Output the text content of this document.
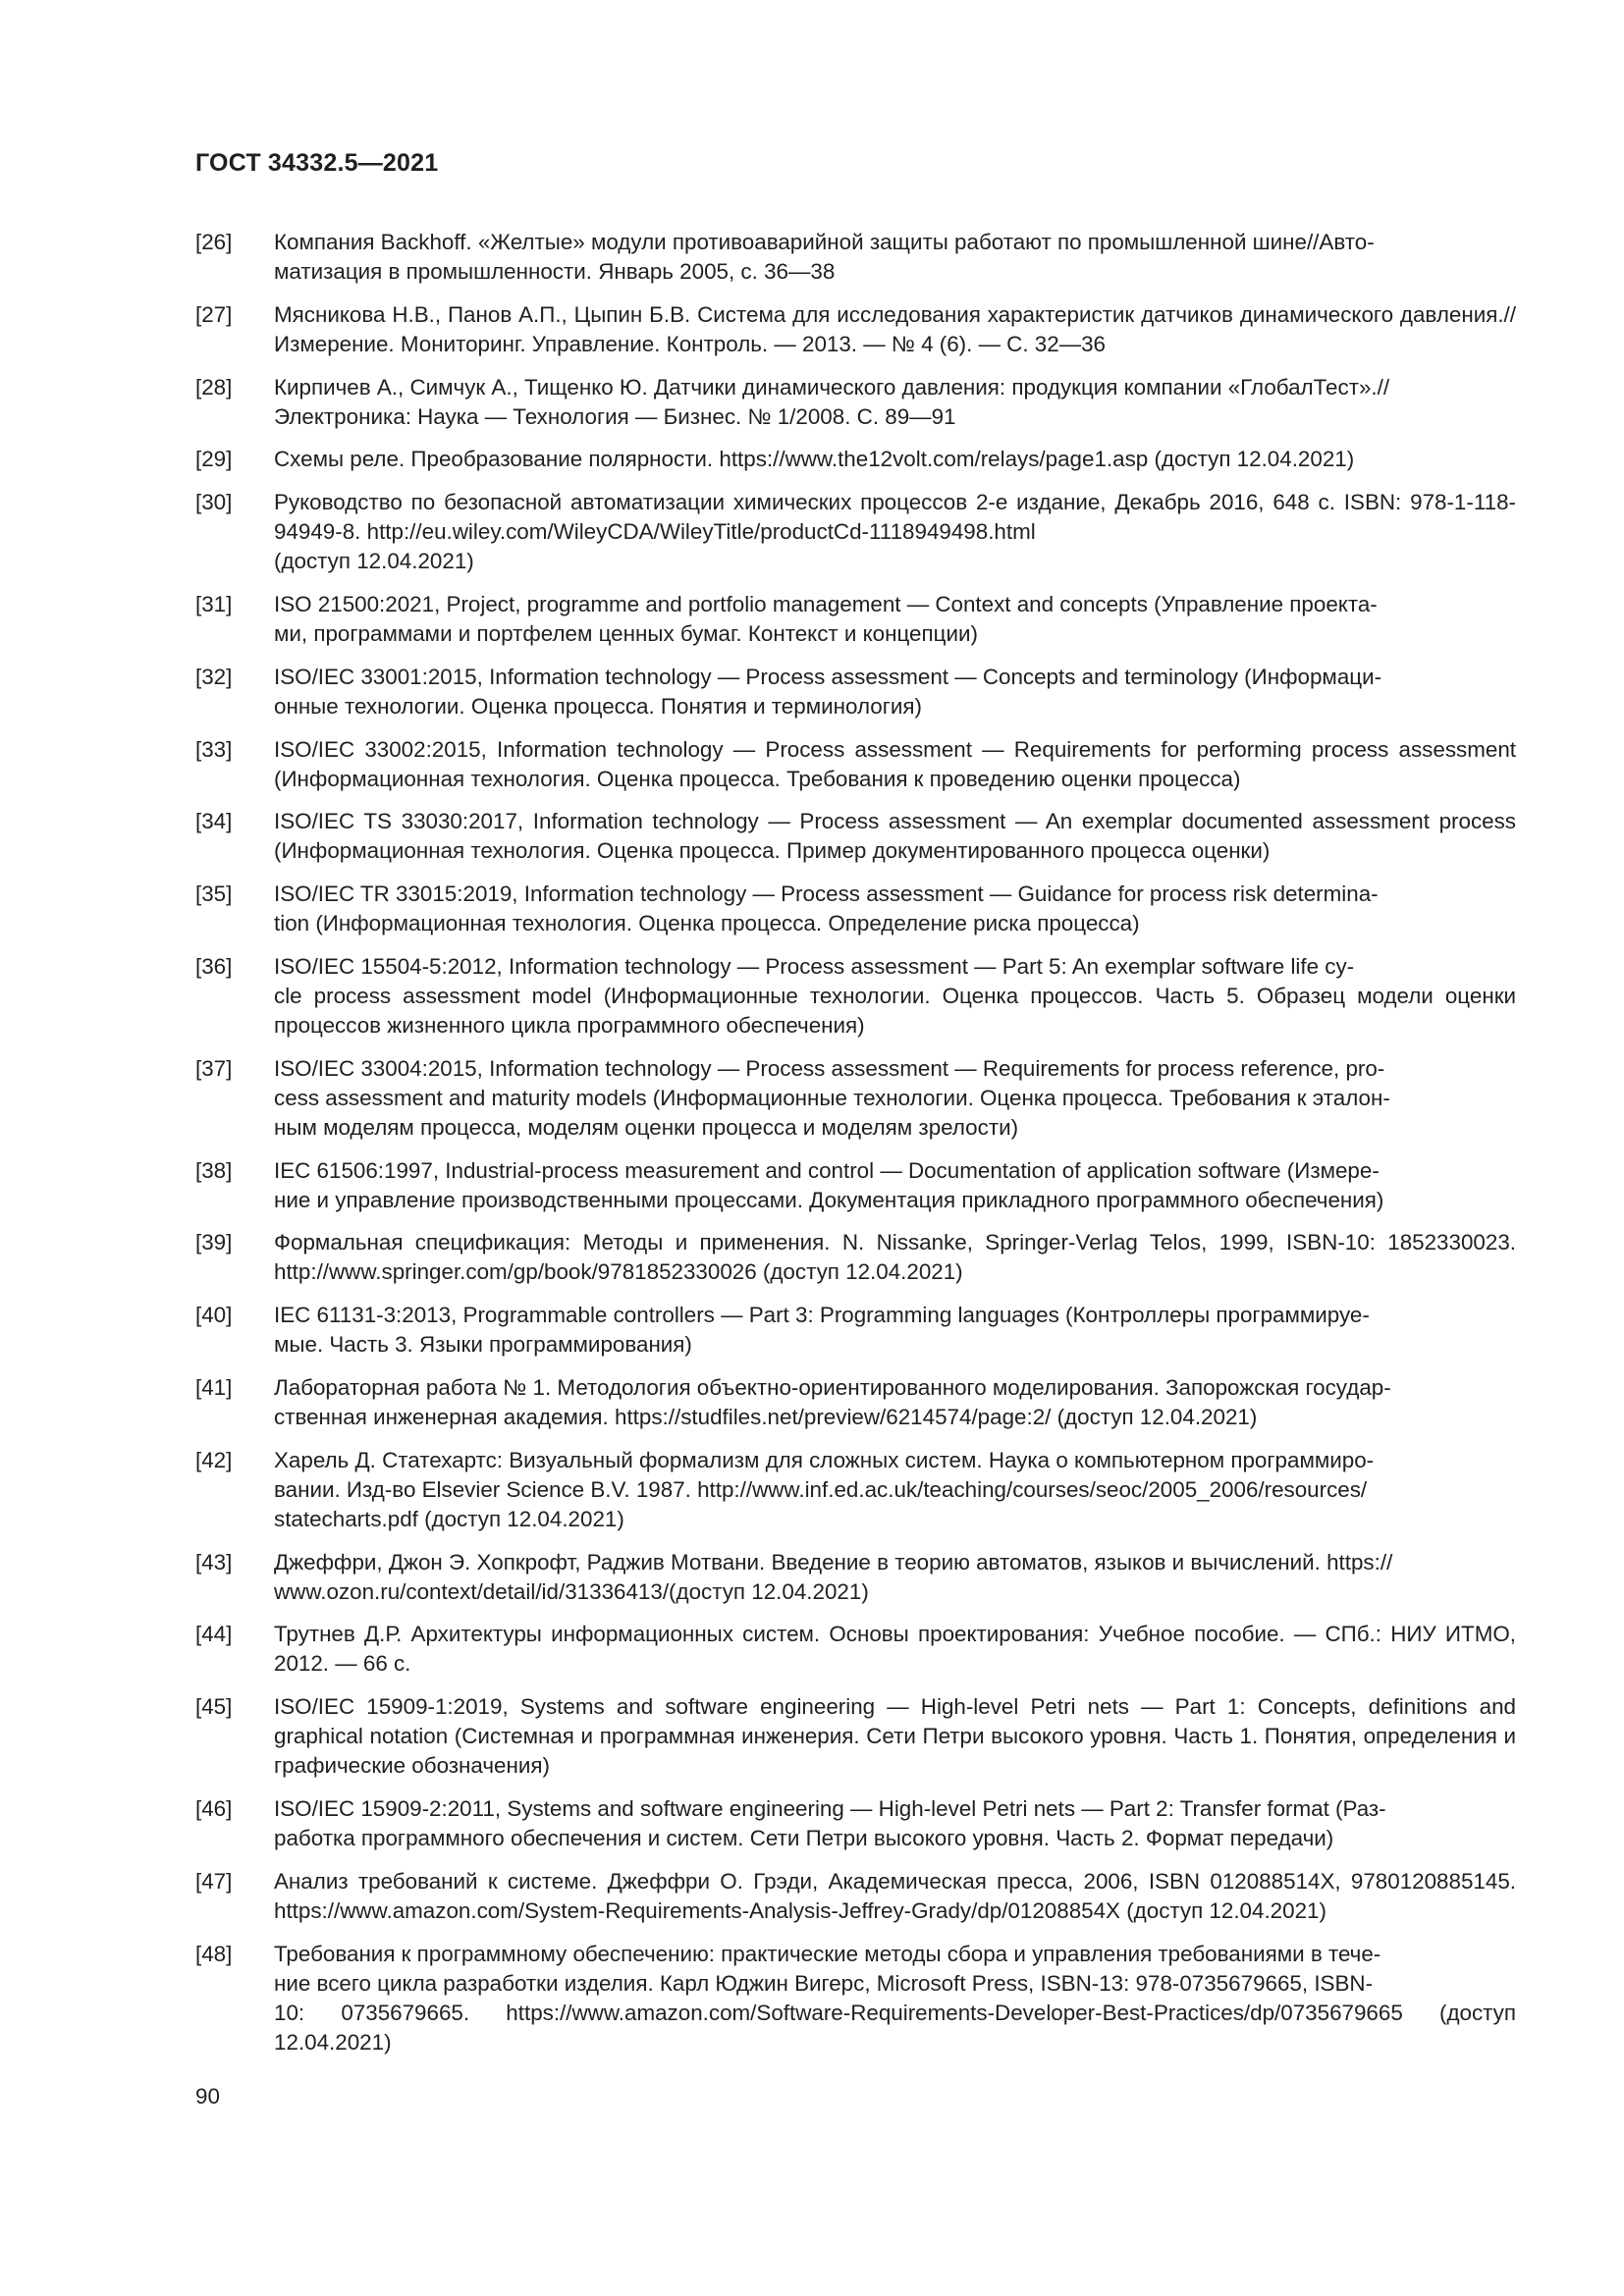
ГОСТ 34332.5—2021
[26]	Компания Backhoff. «Желтые» модули противоаварийной защиты работают по промышленной шине//Авто-
матизация в промышленности. Январь 2005, с. 36—38
[27]	Мясникова Н.В., Панов А.П., Цыпин Б.В. Система для исследования характеристик датчиков динамического давления.//Измерение. Мониторинг. Управление. Контроль. — 2013. — № 4 (6). — С. 32—36
[28]	Кирпичев А., Симчук А., Тищенко Ю. Датчики динамического давления: продукция компании «ГлобалТест».//
Электроника: Наука — Технология — Бизнес. № 1/2008. С. 89—91
[29]	Схемы реле. Преобразование полярности. https://www.the12volt.com/relays/page1.asp (доступ 12.04.2021)
[30]	Руководство по безопасной автоматизации химических процессов 2-е издание, Декабрь 2016, 648 с. ISBN: 978-1-118-94949-8. http://eu.wiley.com/WileyCDA/WileyTitle/productCd-1118949498.html
(доступ 12.04.2021)
[31]	ISO 21500:2021, Project, programme and portfolio management — Context and concepts (Управление проекта-
ми, программами и портфелем ценных бумаг. Контекст и концепции)
[32]	ISO/IEC 33001:2015, Information technology — Process assessment — Concepts and terminology (Информаци-
онные технологии. Оценка процесса. Понятия и терминология)
[33]	ISO/IEC 33002:2015, Information technology — Process assessment — Requirements for performing process assessment (Информационная технология. Оценка процесса. Требования к проведению оценки процесса)
[34]	ISO/IEC TS 33030:2017, Information technology — Process assessment — An exemplar documented assessment process (Информационная технология. Оценка процесса. Пример документированного процесса оценки)
[35]	ISO/IEC TR 33015:2019, Information technology — Process assessment — Guidance for process risk determina-
tion (Информационная технология. Оценка процесса. Определение риска процесса)
[36]	ISO/IEC 15504-5:2012, Information technology — Process assessment — Part 5: An exemplar software life cy-
cle process assessment model (Информационные технологии. Оценка процессов. Часть 5. Образец модели оценки процессов жизненного цикла программного обеспечения)
[37]	ISO/IEC 33004:2015, Information technology — Process assessment — Requirements for process reference, pro-
cess assessment and maturity models (Информационные технологии. Оценка процесса. Требования к эталон-
ным моделям процесса, моделям оценки процесса и моделям зрелости)
[38]	IEC 61506:1997, Industrial-process measurement and control — Documentation of application software (Измере-
ние и управление производственными процессами. Документация прикладного программного обеспечения)
[39]	Формальная спецификация: Методы и применения. N. Nissanke, Springer-Verlag Telos, 1999, ISBN-10: 1852330023. http://www.springer.com/gp/book/9781852330026 (доступ 12.04.2021)
[40]	IEC 61131-3:2013, Programmable controllers — Part 3: Programming languages (Контроллеры программируе-
мые. Часть 3. Языки программирования)
[41]	Лабораторная работа № 1. Методология объектно-ориентированного моделирования. Запорожская государ-
ственная инженерная академия. https://studfiles.net/preview/6214574/page:2/ (доступ 12.04.2021)
[42]	Харель Д. Статехартс: Визуальный формализм для сложных систем. Наука о компьютерном программиро-
вании. Изд-во Elsevier Science B.V. 1987. http://www.inf.ed.ac.uk/teaching/courses/seoc/2005_2006/resources/
statecharts.pdf (доступ 12.04.2021)
[43]	Джеффри, Джон Э. Хопкрофт, Раджив Мотвани. Введение в теорию автоматов, языков и вычислений. https://
www.ozon.ru/context/detail/id/31336413/(доступ 12.04.2021)
[44]	Трутнев Д.Р. Архитектуры информационных систем. Основы проектирования: Учебное пособие. — СПб.: НИУ ИТМО, 2012. — 66 с.
[45]	ISO/IEC 15909-1:2019, Systems and software engineering — High-level Petri nets — Part 1: Concepts, definitions and graphical notation (Системная и программная инженерия. Сети Петри высокого уровня. Часть 1. Понятия, определения и графические обозначения)
[46]	ISO/IEC 15909-2:2011, Systems and software engineering — High-level Petri nets — Part 2: Transfer format (Раз-
работка программного обеспечения и систем. Сети Петри высокого уровня. Часть 2. Формат передачи)
[47]	Анализ требований к системе. Джеффри О. Грэди, Академическая пресса, 2006, ISBN 012088514X, 9780120885145. https://www.amazon.com/System-Requirements-Analysis-Jeffrey-Grady/dp/01208854X (доступ 12.04.2021)
[48]	Требования к программному обеспечению: практические методы сбора и управления требованиями в тече-
ние всего цикла разработки изделия. Карл Юджин Вигерс, Microsoft Press, ISBN-13: 978-0735679665, ISBN-
10: 0735679665. https://www.amazon.com/Software-Requirements-Developer-Best-Practices/dp/0735679665 (доступ 12.04.2021)
90
